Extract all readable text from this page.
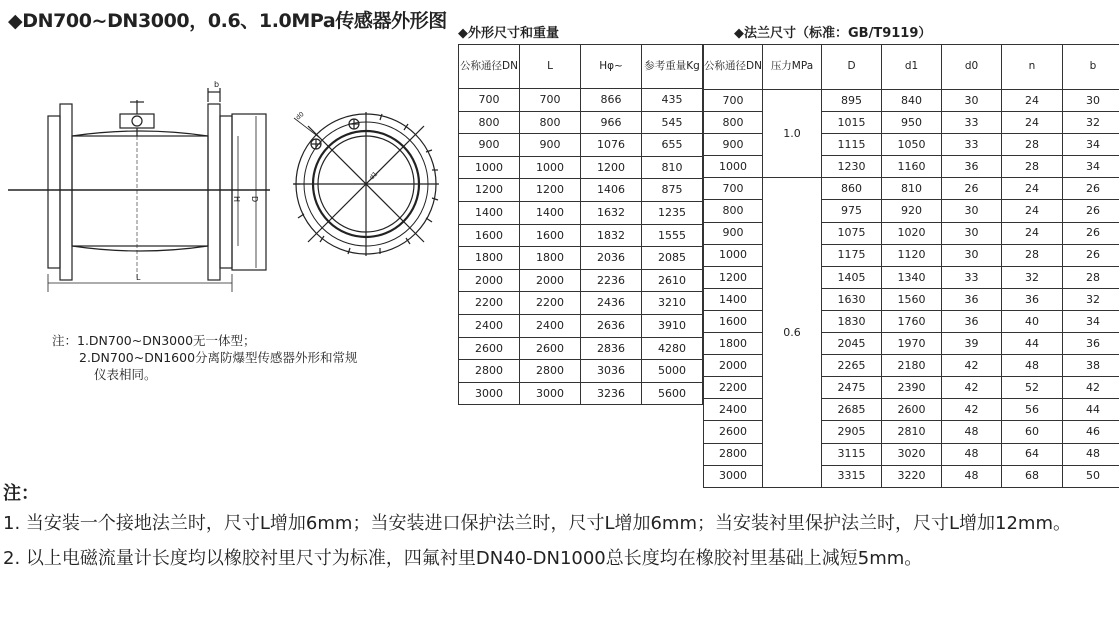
◆DN700~DN3000，0.6、1.0MPa传感器外形图
◆外形尺寸和重量	◆法兰尺寸（标准：GB/T9119）
b
H D
L
d0
d1
注：1.DN700~DN3000无一体型；
2.DN700~DN1600分离防爆型传感器外形和常规
仪表相同。
公称通径DN	L	Hφ~	参考重量Kg
700	700	866	435
800	800	966	545
900	900	1076	655
1000	1000	1200	810
1200	1200	1406	875
1400	1400	1632	1235
1600	1600	1832	1555
1800	1800	2036	2085
2000	2000	2236	2610
2200	2200	2436	3210
2400	2400	2636	3910
2600	2600	2836	4280
2800	2800	3036	5000
3000	3000	3236	5600
公称通径DN	压力MPa	D	d1	d0	n	b
700	1.0	895	840	30	24	30
800		1015	950	33	24	32
900		1115	1050	33	28	34
1000		1230	1160	36	28	34
700	0.6	860	810	26	24	26
800		975	920	30	24	26
900		1075	1020	30	24	26
1000		1175	1120	30	28	26
1200		1405	1340	33	32	28
1400		1630	1560	36	36	32
1600		1830	1760	36	40	34
1800		2045	1970	39	44	36
2000		2265	2180	42	48	38
2200		2475	2390	42	52	42
2400		2685	2600	42	56	44
2600		2905	2810	48	60	46
2800		3115	3020	48	64	48
3000		3315	3220	48	68	50

注：

1. 当安装一个接地法兰时，尺寸L增加6mm；当安装进口保护法兰时，尺寸L增加6mm；当安装衬里保护法兰时，尺寸L增加12mm。

2. 以上电磁流量计长度均以橡胶衬里尺寸为标准，四氟衬里DN40-DN1000总长度均在橡胶衬里基础上减短5mm。
